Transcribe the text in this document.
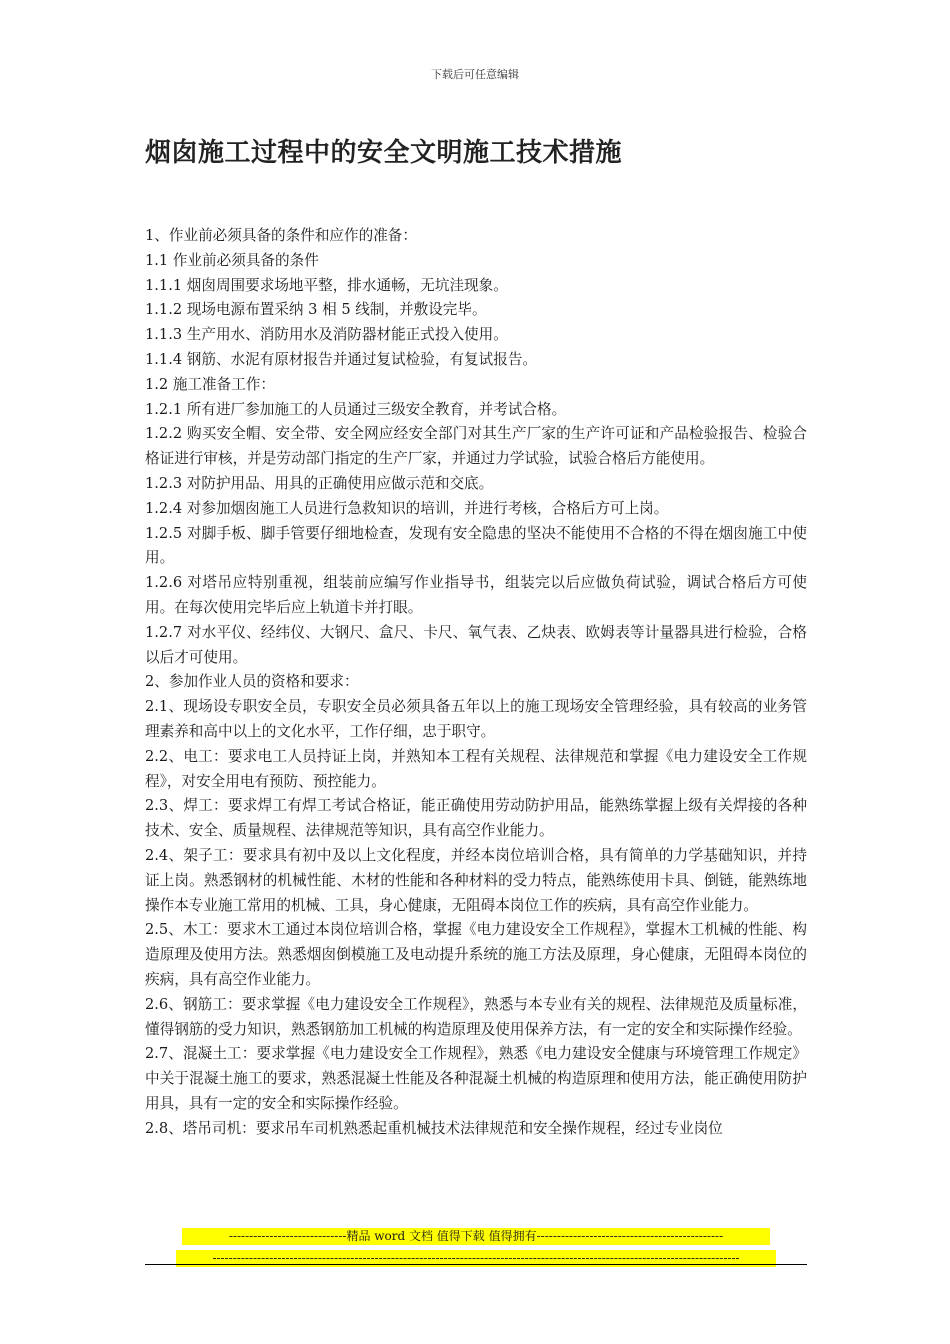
下载后可任意编辑
烟囱施工过程中的安全文明施工技术措施

1、作业前必须具备的条件和应作的准备：

1.1 作业前必须具备的条件

1.1.1 烟囱周围要求场地平整，排水通畅，无坑洼现象。

1.1.2 现场电源布置采纳 3 相 5 线制，并敷设完毕。

1.1.3 生产用水、消防用水及消防器材能正式投入使用。

1.1.4 钢筋、水泥有原材报告并通过复试检验，有复试报告。

1.2 施工准备工作：

1.2.1 所有进厂参加施工的人员通过三级安全教育，并考试合格。

1.2.2 购买安全帽、安全带、安全网应经安全部门对其生产厂家的生产许可证和产品检验报告、检验合格证进行审核，并是劳动部门指定的生产厂家，并通过力学试验，试验合格后方能使用。

1.2.3 对防护用品、用具的正确使用应做示范和交底。

1.2.4 对参加烟囱施工人员进行急救知识的培训，并进行考核，合格后方可上岗。

1.2.5 对脚手板、脚手管要仔细地检查，发现有安全隐患的坚决不能使用不合格的不得在烟囱施工中使用。

1.2.6 对塔吊应特别重视，组装前应编写作业指导书，组装完以后应做负荷试验，调试合格后方可使用。在每次使用完毕后应上轨道卡并打眼。

1.2.7 对水平仪、经纬仪、大钢尺、盒尺、卡尺、氧气表、乙炔表、欧姆表等计量器具进行检验，合格以后才可使用。

2、参加作业人员的资格和要求：

2.1、现场设专职安全员，专职安全员必须具备五年以上的施工现场安全管理经验，具有较高的业务管理素养和高中以上的文化水平，工作仔细，忠于职守。

2.2、电工：要求电工人员持证上岗，并熟知本工程有关规程、法律规范和掌握《电力建设安全工作规程》，对安全用电有预防、预控能力。

2.3、焊工：要求焊工有焊工考试合格证，能正确使用劳动防护用品，能熟练掌握上级有关焊接的各种技术、安全、质量规程、法律规范等知识，具有高空作业能力。

2.4、架子工：要求具有初中及以上文化程度，并经本岗位培训合格，具有简单的力学基础知识，并持证上岗。熟悉钢材的机械性能、木材的性能和各种材料的受力特点，能熟练使用卡具、倒链，能熟练地操作本专业施工常用的机械、工具，身心健康，无阻碍本岗位工作的疾病，具有高空作业能力。

2.5、木工：要求木工通过本岗位培训合格，掌握《电力建设安全工作规程》，掌握木工机械的性能、构造原理及使用方法。熟悉烟囱倒模施工及电动提升系统的施工方法及原理，身心健康，无阻碍本岗位的疾病，具有高空作业能力。

2.6、钢筋工：要求掌握《电力建设安全工作规程》，熟悉与本专业有关的规程、法律规范及质量标准，懂得钢筋的受力知识，熟悉钢筋加工机械的构造原理及使用保养方法，有一定的安全和实际操作经验。

2.7、混凝土工：要求掌握《电力建设安全工作规程》，熟悉《电力建设安全健康与环境管理工作规定》中关于混凝土施工的要求，熟悉混凝土性能及各种混凝土机械的构造原理和使用方法，能正确使用防护用具，具有一定的安全和实际操作经验。

2.8、塔吊司机：要求吊车司机熟悉起重机械技术法律规范和安全操作规程，经过专业岗位

-----------------------------精品 word 文档 值得下载 值得拥有----------------------------------------------
----------------------------------------------------------------------------------------------------------------------------------
